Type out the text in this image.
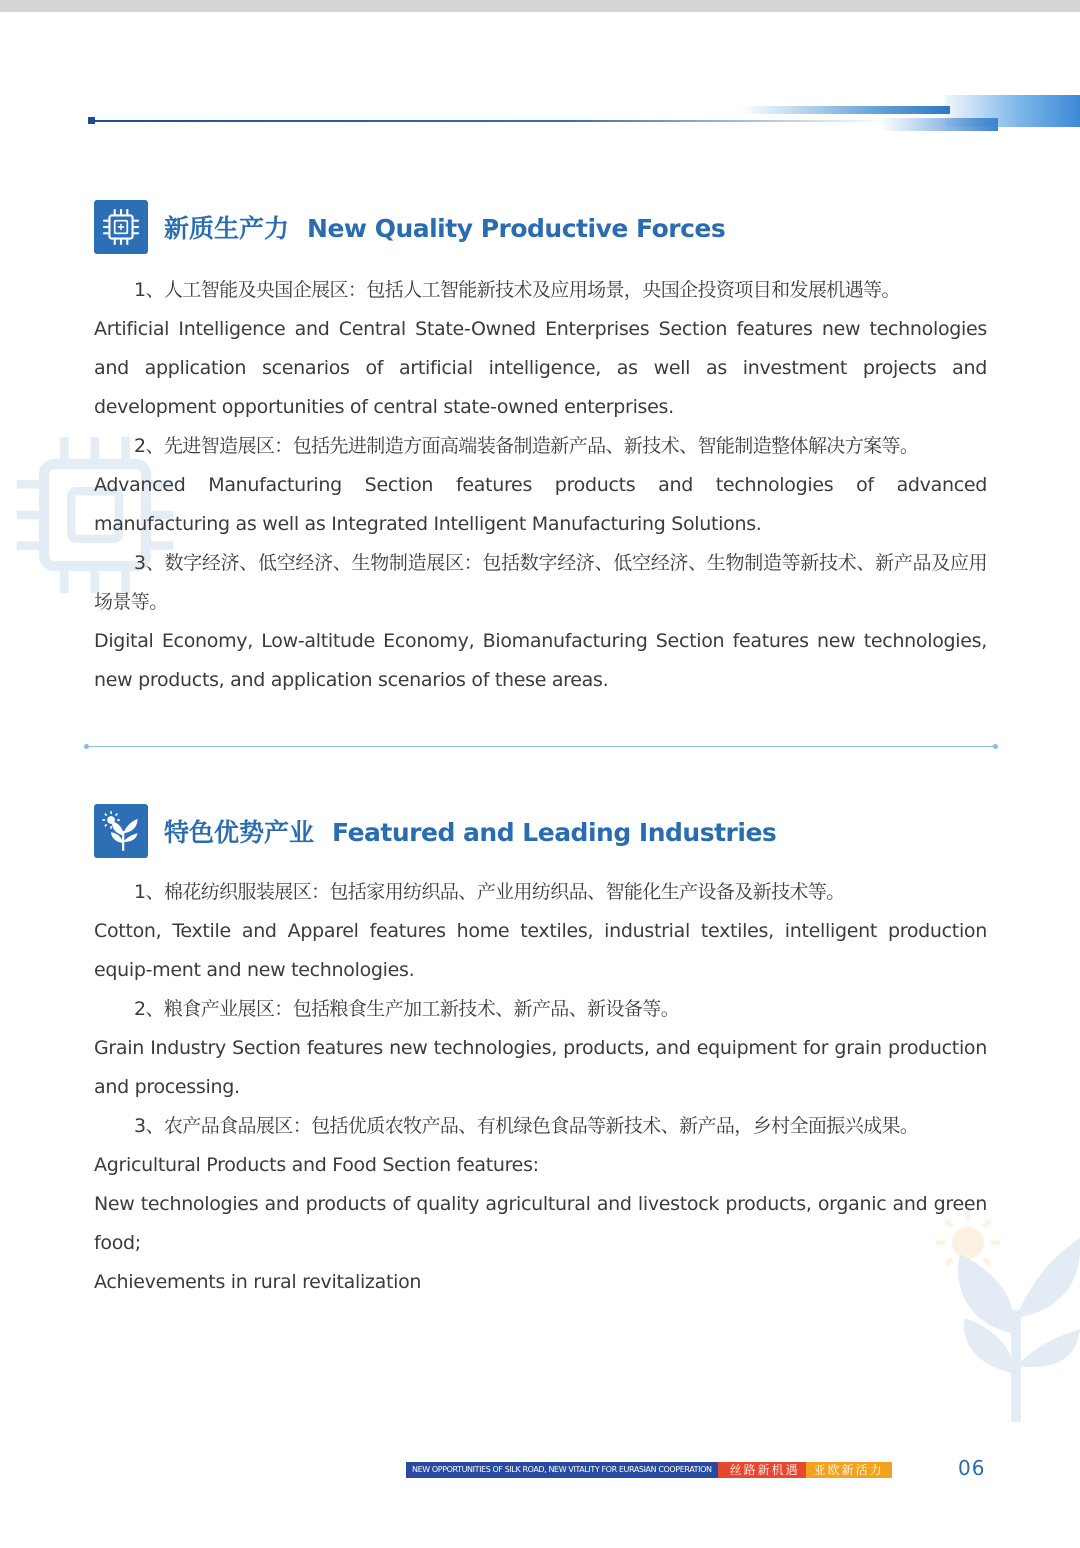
新质生产力 New Quality Productive Forces

1、人工智能及央国企展区：包括人工智能新技术及应用场景，央国企投资项目和发展机遇等。

Artificial Intelligence and Central State-Owned Enterprises Section features new technologies and application scenarios of artificial intelligence, as well as investment projects and development opportunities of central state-owned enterprises.

2、先进智造展区：包括先进制造方面高端装备制造新产品、新技术、智能制造整体解决方案等。

Advanced Manufacturing Section features products and technologies of advanced manufacturing as well as Integrated Intelligent Manufacturing Solutions.

3、数字经济、低空经济、生物制造展区：包括数字经济、低空经济、生物制造等新技术、新产品及应用场景等。

Digital Economy, Low-altitude Economy, Biomanufacturing Section features new technologies, new products, and application scenarios of these areas.

特色优势产业 Featured and Leading Industries

1、棉花纺织服装展区：包括家用纺织品、产业用纺织品、智能化生产设备及新技术等。

Cotton, Textile and Apparel features home textiles, industrial textiles, intelligent production equip-ment and new technologies.

2、粮食产业展区：包括粮食生产加工新技术、新产品、新设备等。

Grain Industry Section features new technologies, products, and equipment for grain production and processing.

3、农产品食品展区：包括优质农牧产品、有机绿色食品等新技术、新产品，乡村全面振兴成果。

Agricultural Products and Food Section features:

New technologies and products of quality agricultural and livestock products, organic and green food;

Achievements in rural revitalization

NEW OPPORTUNITIES OF SILK ROAD, NEW VITALITY FOR EURASIAN COOPERATION	丝路新机遇	亚欧新活力	06
